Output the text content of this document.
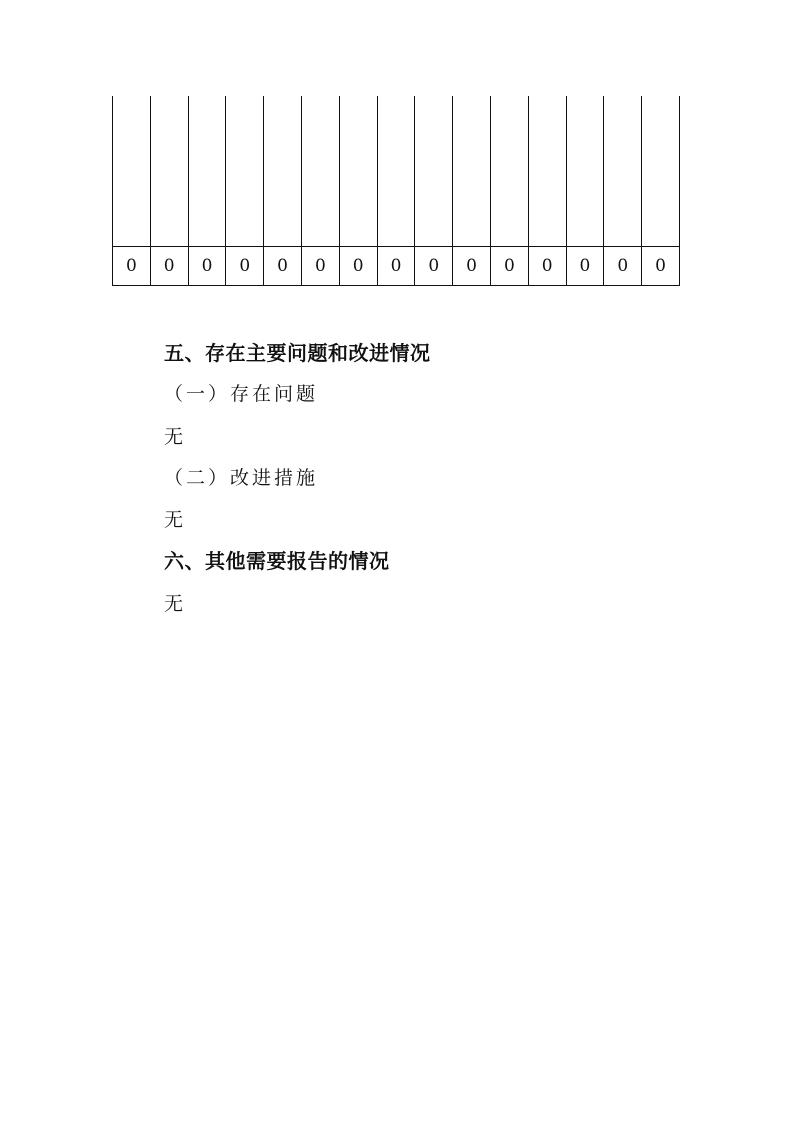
0	0	0	0	0	0	0	0	0	0	0	0	0	0	0
五、存在主要问题和改进情况
（一）存在问题
无
（二）改进措施
无
六、其他需要报告的情况
无
